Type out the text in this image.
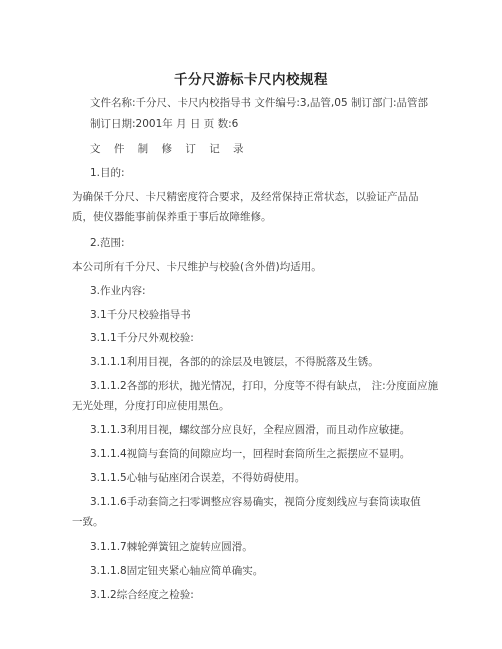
千分尺游标卡尺内校规程
文件名称:千分尺、卡尺内校指导书 文件编号:3,品管,05 制订部门:品管部
制订日期:2001年 月 日 页 数:6
文 件 制 修 订 记 录
1.目的:
为确保千分尺、卡尺精密度符合要求，及经常保持正常状态，以验证产品品
质，使仪器能事前保养重于事后故障维修。
2.范围:
本公司所有千分尺、卡尺维护与校验(含外借)均适用。
3.作业内容:
3.1千分尺校验指导书
3.1.1千分尺外观校验:
3.1.1.1利用目视，各部的的涂层及电镀层，不得脱落及生锈。
3.1.1.2各部的形状，抛光情况，打印，分度等不得有缺点， 注:分度面应施
无光处理，分度打印应使用黑色。
3.1.1.3利用目视，螺纹部分应良好，全程应圆滑，而且动作应敏捷。
3.1.1.4视筒与套筒的间隙应均一，回程时套筒所生之振摆应不显明。
3.1.1.5心轴与砧座闭合误差，不得妨碍使用。
3.1.1.6手动套筒之扫零调整应容易确实，视筒分度刻线应与套筒读取值
一致。
3.1.1.7棘轮弹簧钮之旋转应圆滑。
3.1.1.8固定钮夹紧心轴应简单确实。
3.1.2综合经度之检验:
